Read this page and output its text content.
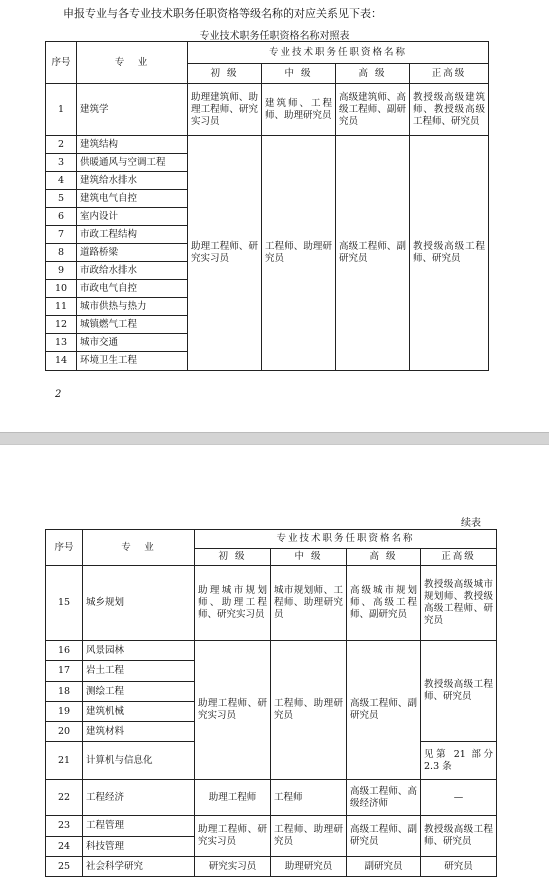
申报专业与各专业技术职务任职资格等级名称的对应关系见下表：
专业技术职务任职资格名称对照表
序号	专　业	专业技术职务任职资格名称			
		初 级	中 级	高 级	正高级
1	建筑学	助理建筑师、助理工程师、研究实习员	建筑师、工程师、助理研究员	高级建筑师、高级工程师、副研究员	教授级高级建筑师、教授级高级工程师、研究员
2	建筑结构	助理工程师、研究实习员	工程师、助理研究员	高级工程师、副研究员	教授级高级工程师、研究员
3	供暖通风与空调工程				
4	建筑给水排水				
5	建筑电气自控				
6	室内设计				
7	市政工程结构				
8	道路桥梁				
9	市政给水排水				
10	市政电气自控				
11	城市供热与热力				
12	城镇燃气工程				
13	城市交通				
14	环境卫生工程				
2
续表
序号	专　业	专业技术职务任职资格名称			
		初 级	中 级	高 级	正高级
15	城乡规划	助理城市规划师、助理工程师、研究实习员	城市规划师、工程师、助理研究员	高级城市规划师、高级工程师、副研究员	教授级高级城市规划师、教授级高级工程师、研究员
16	风景园林	助理工程师、研究实习员	工程师、助理研究员	高级工程师、副研究员	教授级高级工程师、研究员
17	岩土工程				
18	测绘工程				
19	建筑机械				
20	建筑材料				
21	计算机与信息化				见第 21 部分 2.3 条
22	工程经济	助理工程师	工程师	高级工程师、高级经济师	—
23	工程管理	助理工程师、研究实习员	工程师、助理研究员	高级工程师、副研究员	教授级高级工程师、研究员
24	科技管理				
25	社会科学研究	研究实习员	助理研究员	副研究员	研究员
